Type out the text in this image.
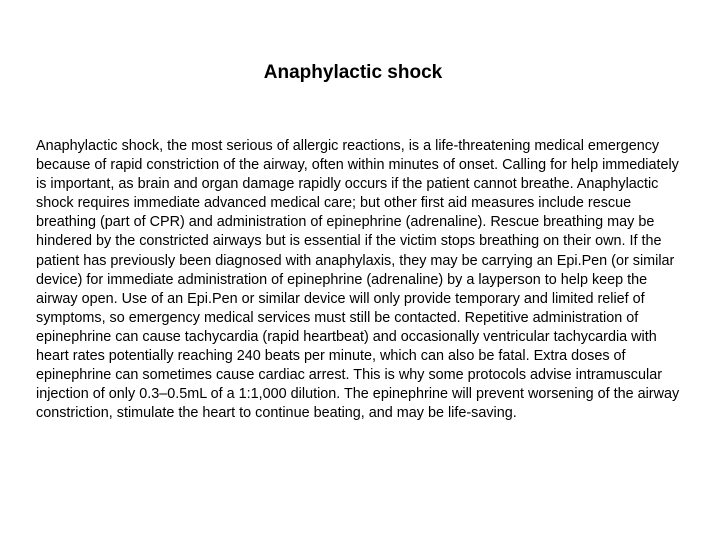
Anaphylactic shock

Anaphylactic shock, the most serious of allergic reactions, is a life-threatening medical emergency because of rapid constriction of the airway, often within minutes of onset. Calling for help immediately is important, as brain and organ damage rapidly occurs if the patient cannot breathe. Anaphylactic shock requires immediate advanced medical care; but other first aid measures include rescue breathing (part of CPR) and administration of epinephrine (adrenaline). Rescue breathing may be hindered by the constricted airways but is essential if the victim stops breathing on their own. If the patient has previously been diagnosed with anaphylaxis, they may be carrying an Epi.Pen (or similar device) for immediate administration of epinephrine (adrenaline) by a layperson to help keep the airway open. Use of an Epi.Pen or similar device will only provide temporary and limited relief of symptoms, so emergency medical services must still be contacted. Repetitive administration of epinephrine can cause tachycardia (rapid heartbeat) and occasionally ventricular tachycardia with heart rates potentially reaching 240 beats per minute, which can also be fatal. Extra doses of epinephrine can sometimes cause cardiac arrest. This is why some protocols advise intramuscular injection of only 0.3–0.5mL of a 1:1,000 dilution. The epinephrine will prevent worsening of the airway constriction, stimulate the heart to continue beating, and may be life-saving.
